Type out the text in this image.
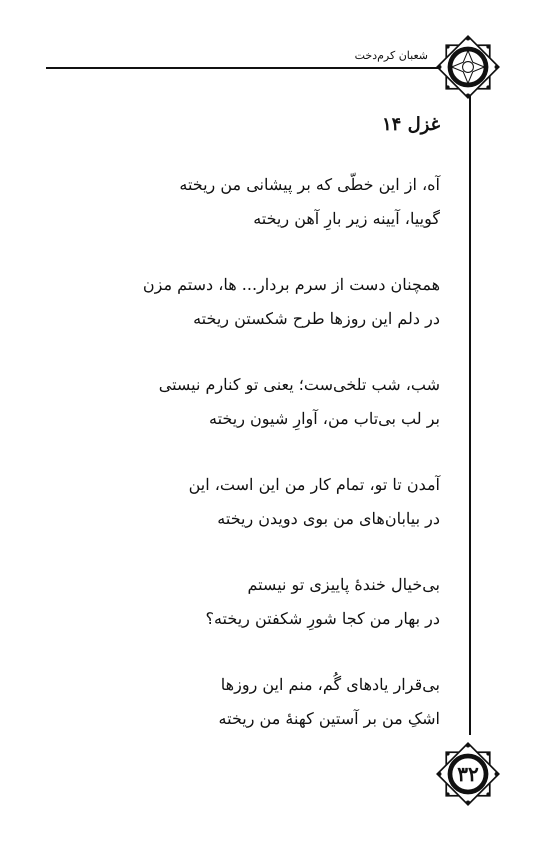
شعبان کرم‌دخت
۳۲
غزل ۱۴
آه، از این خطّی که بر پیشانی من ریخته
گوییا، آیینه زیر بارِ آهن ریخته
همچنان دست از سرم بردار... ها، دستم مزن
در دلم این روزها طرح شکستن ریخته
شب، شب تلخی‌ست؛ یعنی تو کنارم نیستی
بر لب بی‌تاب من، آوارِ شیون ریخته
آمدن تا تو، تمام کار من این است، این
در بیابان‌های من بوی دویدن ریخته
بی‌خیال خندهٔ پاییزی تو نیستم
در بهار من کجا شورِ شکفتن ریخته؟
بی‌قرار یادهای گُم، منم این روزها
اشکِ من بر آستین کهنهٔ من ریخته
